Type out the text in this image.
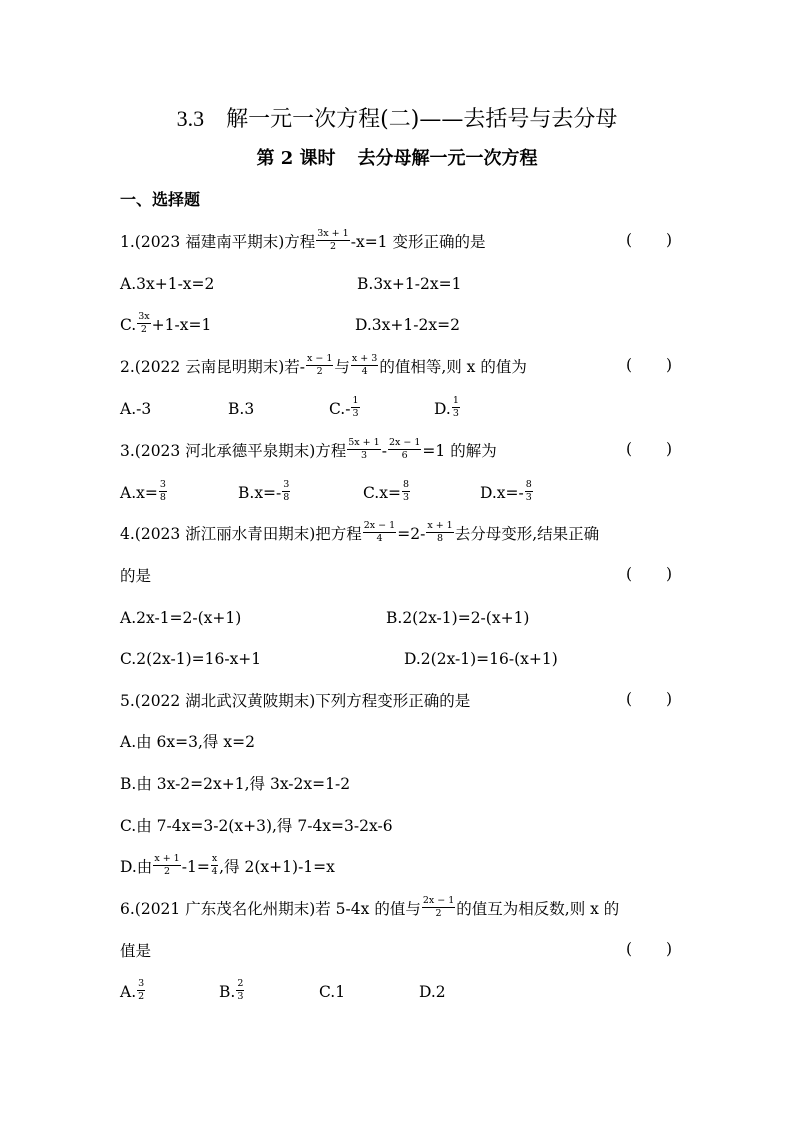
3.3 解一元一次方程(二)——去括号与去分母
第 2 课时 去分母解一元一次方程
一、选择题
1.(2023 福建南平期末)方程 $\frac{3x + 1}{2} -x=1$ 变形正确的是	( )
A.3x+1-x=2	B.3x+1-2x=1
C. $\frac{3x}{2} +1-x=1$	D.3x+1-2x=2
2.(2022 云南昆明期末)若- $\frac{x - 1}{2}$ 与 $\frac{x + 3}{4}$ 的值相等,则 x 的值为	( )
A.-3	B.3	$C.- \frac{1}{3}$	D. $\frac{1}{3}$
3.(2023 河北承德平泉期末)方程 $\frac{5x + 1}{3} - \frac{2x - 1}{6} =1$ 的解为	( )
$A.x= \frac{3}{8}$	$B.x=- \frac{3}{8}$	$C.x= \frac{8}{3}$	$D.x=- \frac{8}{3}$
4.(2023 浙江丽水青田期末)把方程 $\frac{2x - 1}{4} =2- \frac{x + 1}{8}$ 去分母变形,结果正确
的是	( )
A.2x-1=2-(x+1)	B.2(2x-1)=2-(x+1)
C.2(2x-1)=16-x+1	D.2(2x-1)=16-(x+1)
5.(2022 湖北武汉黄陂期末)下列方程变形正确的是	( )
A.由 6x=3,得 x=2
B.由 3x-2=2x+1,得 3x-2x=1-2
C.由 7-4x=3-2(x+3),得 7-4x=3-2x-6
D.由 $\frac{x + 1}{2} -1= \frac{x}{4}$ ,得 2(x+1)-1=x
6.(2021 广东茂名化州期末)若 5-4x 的值与 $\frac{2x - 1}{2}$ 的值互为相反数,则 x 的
值是	( )
A. $\frac{3}{2}$	B. $\frac{2}{3}$	C.1	D.2
